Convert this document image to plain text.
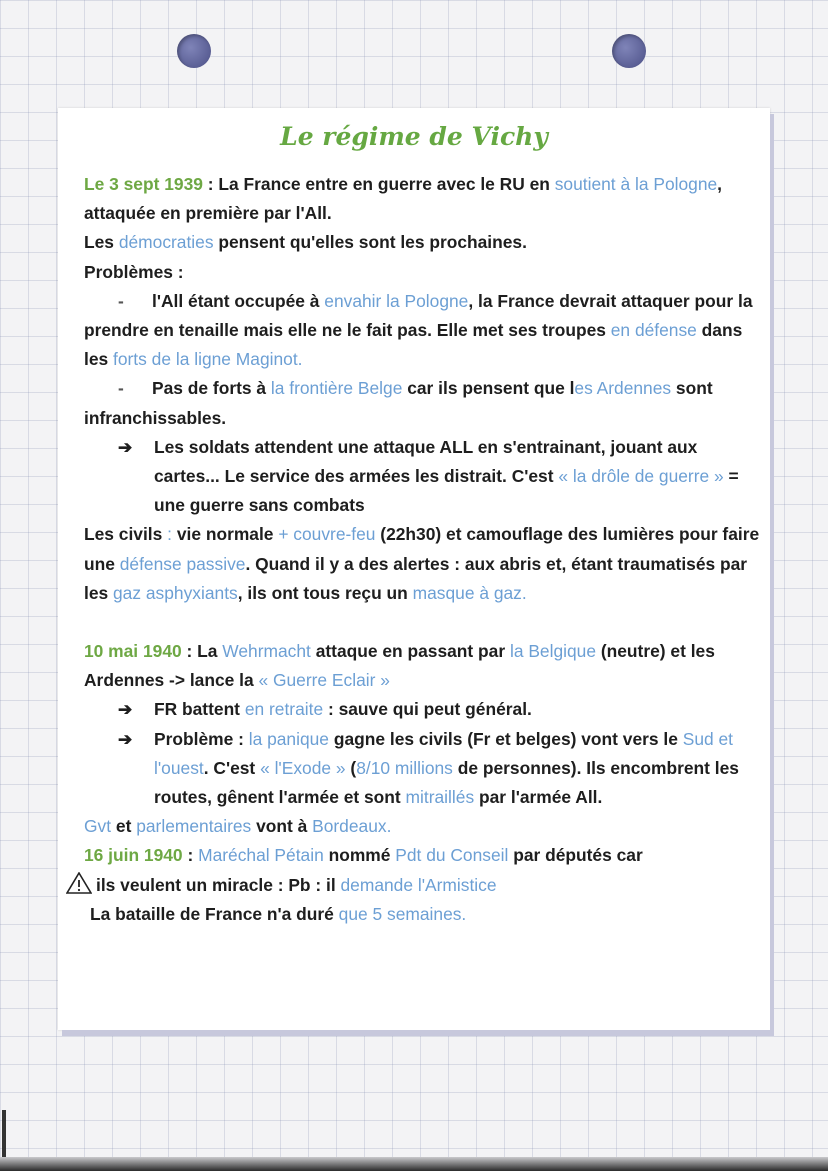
Le régime de Vichy

Le 3 sept 1939 : La France entre en guerre avec le RU en soutient à la Pologne, attaquée en première par l'All.

Les démocraties pensent qu'elles sont les prochaines.

Problèmes :

- l'All étant occupée à envahir la Pologne, la France devrait attaquer pour la prendre en tenaille mais elle ne le fait pas. Elle met ses troupes en défense dans les forts de la ligne Maginot.

- Pas de forts à la frontière Belge car ils pensent que les Ardennes sont infranchissables.

➔ Les soldats attendent une attaque ALL en s'entrainant, jouant aux cartes... Le service des armées les distrait. C'est « la drôle de guerre » = une guerre sans combats

Les civils : vie normale + couvre-feu (22h30) et camouflage des lumières pour faire une défense passive. Quand il y a des alertes : aux abris et, étant traumatisés par les gaz asphyxiants, ils ont tous reçu un masque à gaz.

10 mai 1940 : La Wehrmacht attaque en passant par la Belgique (neutre) et les Ardennes -> lance la « Guerre Eclair »

➔ FR battent en retraite : sauve qui peut général.

➔ Problème : la panique gagne les civils (Fr et belges) vont vers le Sud et l'ouest. C'est « l'Exode » (8/10 millions de personnes). Ils encombrent les routes, gênent l'armée et sont mitraillés par l'armée All.

Gvt et parlementaires vont à Bordeaux.

16 juin 1940 : Maréchal Pétain nommé Pdt du Conseil par députés car

ils veulent un miracle : Pb : il demande l'Armistice

La bataille de France n'a duré que 5 semaines.
